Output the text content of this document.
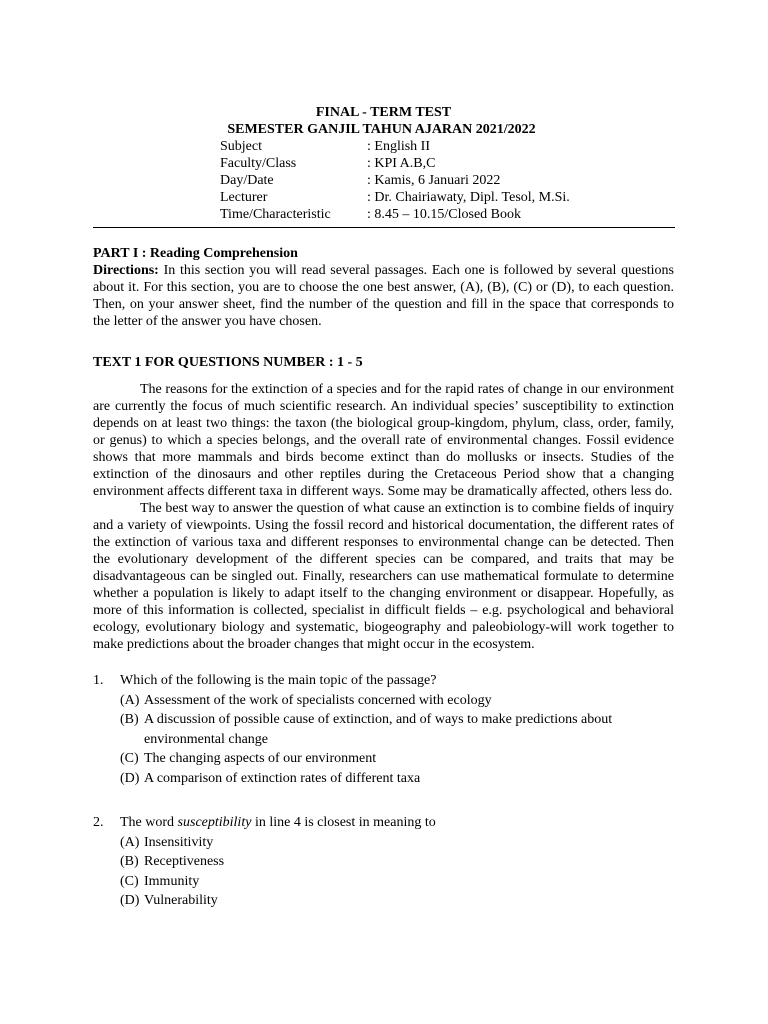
FINAL - TERM TEST
SEMESTER GANJIL TAHUN AJARAN 2021/2022
Subject	: English II
Faculty/Class	: KPI A.B,C
Day/Date	: Kamis, 6 Januari 2022
Lecturer	: Dr. Chairiawaty, Dipl. Tesol, M.Si.
Time/Characteristic	: 8.45 – 10.15/Closed Book
PART I : Reading Comprehension
Directions: In this section you will read several passages. Each one is followed by several questions about it. For this section, you are to choose the one best answer, (A), (B), (C) or (D), to each question. Then, on your answer sheet, find the number of the question and fill in the space that corresponds to the letter of the answer you have chosen.
TEXT 1 FOR QUESTIONS NUMBER : 1 - 5
The reasons for the extinction of a species and for the rapid rates of change in our environment are currently the focus of much scientific research. An individual species’ susceptibility to extinction depends on at least two things: the taxon (the biological group-kingdom, phylum, class, order, family, or genus) to which a species belongs, and the overall rate of environmental changes. Fossil evidence shows that more mammals and birds become extinct than do mollusks or insects. Studies of the extinction of the dinosaurs and other reptiles during the Cretaceous Period show that a changing environment affects different taxa in different ways. Some may be dramatically affected, others less do.
The best way to answer the question of what cause an extinction is to combine fields of inquiry and a variety of viewpoints. Using the fossil record and historical documentation, the different rates of the extinction of various taxa and different responses to environmental change can be detected. Then the evolutionary development of the different species can be compared, and traits that may be disadvantageous can be singled out. Finally, researchers can use mathematical formulate to determine whether a population is likely to adapt itself to the changing environment or disappear. Hopefully, as more of this information is collected, specialist in difficult fields – e.g. psychological and behavioral ecology, evolutionary biology and systematic, biogeography and paleobiology-will work together to make predictions about the broader changes that might occur in the ecosystem.
1. Which of the following is the main topic of the passage?
(A) Assessment of the work of specialists concerned with ecology
(B) A discussion of possible cause of extinction, and of ways to make predictions about environmental change
(C) The changing aspects of our environment
(D) A comparison of extinction rates of different taxa
2. The word susceptibility in line 4 is closest in meaning to
(A) Insensitivity
(B) Receptiveness
(C) Immunity
(D) Vulnerability
